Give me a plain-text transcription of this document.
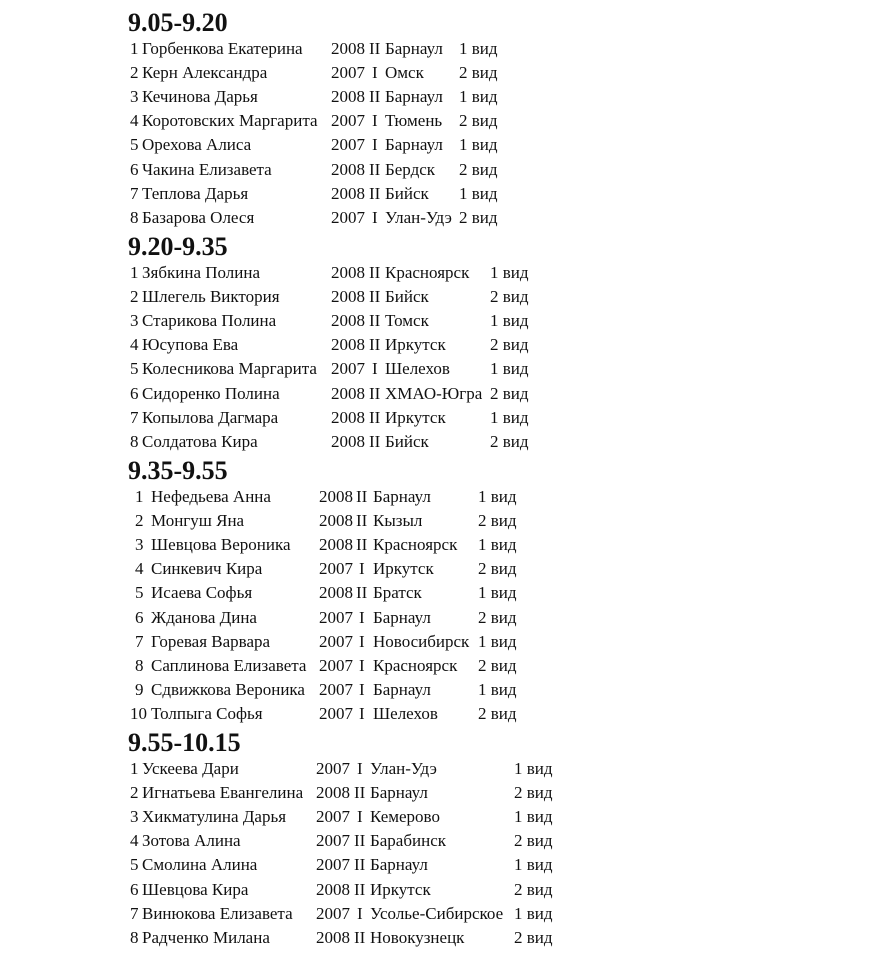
9.05-9.20
1 Горбенкова Екатерина 2008 II Барнаул 1 вид
2 Керн Александра	2007 I Омск 2 вид
3 Кечинова Дарья	2008 II Барнаул 1 вид
4 Коротовских Маргарита 2007 I Тюмень 2 вид
5 Орехова Алиса	2007 I Барнаул 1 вид
6 Чакина Елизавета	2008 II Бердск 2 вид
7 Теплова Дарья	2008 II Бийск 1 вид
8 Базарова Олеся	2007 I Улан-Удэ 2 вид
9.20-9.35
1 Зябкина Полина	2008 II Красноярск 1 вид
2 Шлегель Виктория	2008 II Бийск	2 вид
3 Старикова Полина	2008 II Томск	1 вид
4 Юсупова Ева	2008 II Иркутск	2 вид
5 Колесникова Маргарита 2007 I Шелехов 1 вид
6 Сидоренко Полина	2008 II ХМАО-Югра 2 вид
7 Копылова Дагмара	2008 II Иркутск	1 вид
8 Солдатова Кира	2008 II Бийск	2 вид
9.35-9.55
1 Нефедьева Анна	2008 II Барнаул	1 вид
2 Монгуш Яна	2008 II Кызыл	2 вид
3 Шевцова Вероника 2008 II Красноярск 1 вид
4 Синкевич Кира	2007 I Иркутск	2 вид
5 Исаева Софья	2008 II Братск	1 вид
6 Жданова Дина	2007 I Барнаул	2 вид
7 Горевая Варвара	2007 I Новосибирск 1 вид
8 Саплинова Елизавета 2007 I Красноярск 2 вид
9 Сдвижкова Вероника 2007 I Барнаул	1 вид
10 Толпыга Софья	2007 I Шелехов 2 вид
9.55-10.15
1 Ускеева Дари	2007 I Улан-Удэ	1 вид
2 Игнатьева Евангелина 2008 II Барнаул	2 вид
3 Хикматулина Дарья 2007 I Кемерово	1 вид
4 Зотова Алина	2007 II Барабинск	2 вид
5 Смолина Алина	2007 II Барнаул	1 вид
6 Шевцова Кира	2008 II Иркутск	2 вид
7 Винюкова Елизавета 2007 I Усолье-Сибирское 1 вид
8 Радченко Милана	2008 II Новокузнецк	2 вид
